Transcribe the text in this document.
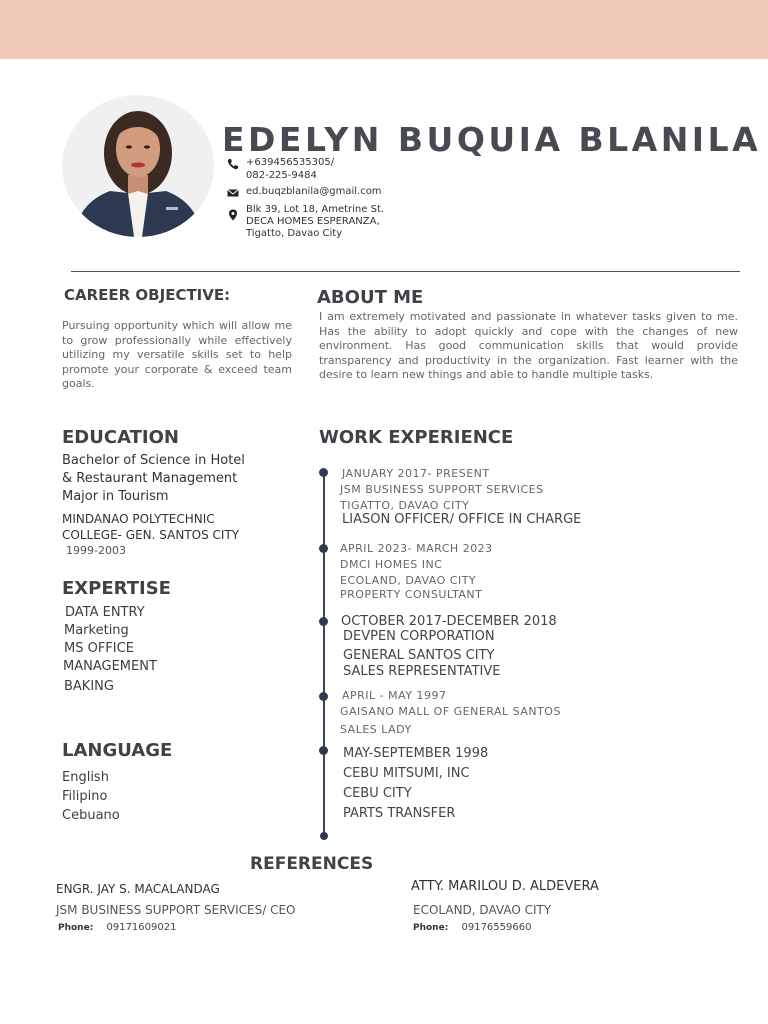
EDELYN BUQUIA BLANILA
+639456535305/
082-225-9484
ed.buqzblanila@gmail.com
Blk 39, Lot 18, Ametrine St.
DECA HOMES ESPERANZA,
Tigatto, Davao City
CAREER OBJECTIVE:
Pursuing opportunity which will allow me to grow professionally while effectively utilizing my versatile skills set to help promote your corporate & exceed team goals.
ABOUT ME
I am extremely motivated and passionate in whatever tasks given to me. Has the ability to adopt quickly and cope with the changes of new environment. Has good communication skills that would provide transparency and productivity in the organization. Fast learner with the desire to learn new things and able to handle multiple tasks.
EDUCATION
Bachelor of Science in Hotel
& Restaurant Management
Major in Tourism
MINDANAO POLYTECHNIC
COLLEGE- GEN. SANTOS CITY
1999-2003
EXPERTISE
DATA ENTRY
Marketing
MS OFFICE
MANAGEMENT
BAKING
LANGUAGE
English
Filipino
Cebuano
WORK EXPERIENCE
JANUARY 2017- PRESENT
JSM BUSINESS SUPPORT SERVICES
TIGATTO, DAVAO CITY
LIASON OFFICER/ OFFICE IN CHARGE
APRIL 2023- MARCH 2023
DMCI HOMES INC
ECOLAND, DAVAO CITY
PROPERTY CONSULTANT
OCTOBER 2017-DECEMBER 2018
DEVPEN CORPORATION
GENERAL SANTOS CITY
SALES REPRESENTATIVE
APRIL - MAY 1997
GAISANO MALL OF GENERAL SANTOS
SALES LADY
MAY-SEPTEMBER 1998
CEBU MITSUMI, INC
CEBU CITY
PARTS TRANSFER
REFERENCES
ENGR. JAY S. MACALANDAG
JSM BUSINESS SUPPORT SERVICES/ CEO
Phone: 09171609021
ATTY. MARILOU D. ALDEVERA
ECOLAND, DAVAO CITY
Phone: 09176559660
